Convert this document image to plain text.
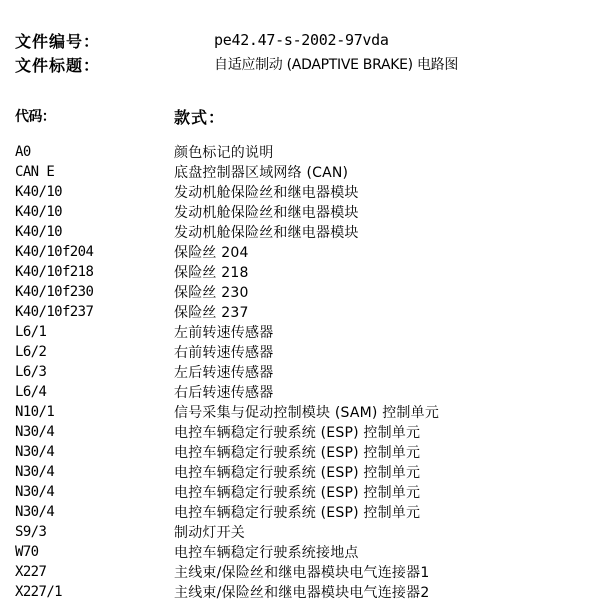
文件编号：	pe42.47-s-2002-97vda
文件标题：	自适应制动 (ADAPTIVE BRAKE) 电路图
代码：	款式：
A0	颜色标记的说明
CAN E	底盘控制器区域网络 (CAN)
K40/10	发动机舱保险丝和继电器模块
K40/10	发动机舱保险丝和继电器模块
K40/10	发动机舱保险丝和继电器模块
K40/10f204	保险丝 204
K40/10f218	保险丝 218
K40/10f230	保险丝 230
K40/10f237	保险丝 237
L6/1	左前转速传感器
L6/2	右前转速传感器
L6/3	左后转速传感器
L6/4	右后转速传感器
N10/1	信号采集与促动控制模块 (SAM) 控制单元
N30/4	电控车辆稳定行驶系统 (ESP) 控制单元
N30/4	电控车辆稳定行驶系统 (ESP) 控制单元
N30/4	电控车辆稳定行驶系统 (ESP) 控制单元
N30/4	电控车辆稳定行驶系统 (ESP) 控制单元
N30/4	电控车辆稳定行驶系统 (ESP) 控制单元
S9/3	制动灯开关
W70	电控车辆稳定行驶系统接地点
X227	主线束/保险丝和继电器模块电气连接器1
X227/1	主线束/保险丝和继电器模块电气连接器2
